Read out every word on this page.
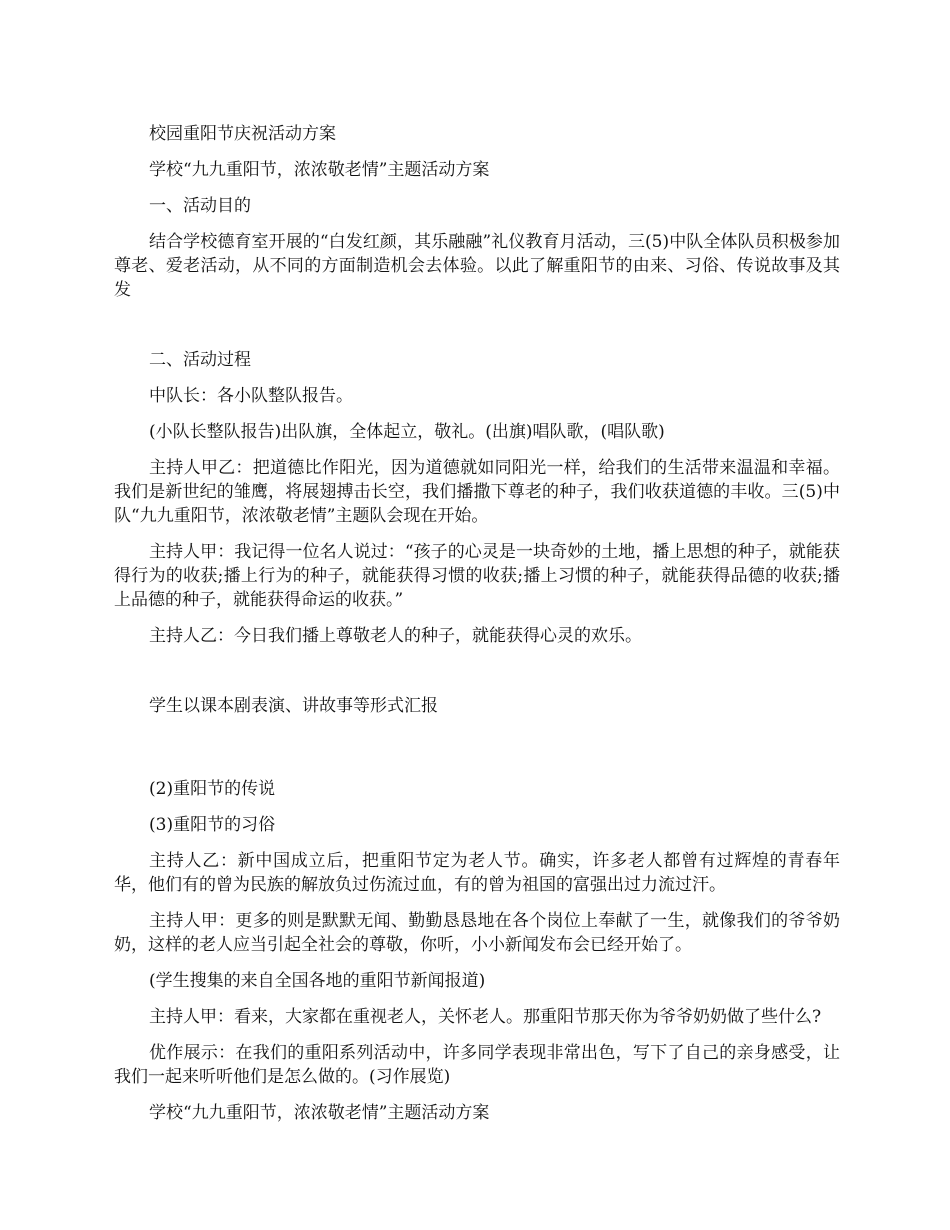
校园重阳节庆祝活动方案

学校“九九重阳节，浓浓敬老情”主题活动方案

一、活动目的

结合学校德育室开展的“白发红颜，其乐融融”礼仪教育月活动，三(5)中队全体队员积极参加尊老、爱老活动，从不同的方面制造机会去体验。以此了解重阳节的由来、习俗、传说故事及其发

二、活动过程

中队长：各小队整队报告。

(小队长整队报告)出队旗，全体起立，敬礼。(出旗)唱队歌，(唱队歌)

主持人甲乙：把道德比作阳光，因为道德就如同阳光一样，给我们的生活带来温温和幸福。我们是新世纪的雏鹰，将展翅搏击长空，我们播撒下尊老的种子，我们收获道德的丰收。三(5)中队“九九重阳节，浓浓敬老情”主题队会现在开始。

主持人甲：我记得一位名人说过：“孩子的心灵是一块奇妙的土地，播上思想的种子，就能获得行为的收获;播上行为的种子，就能获得习惯的收获;播上习惯的种子，就能获得品德的收获;播上品德的种子，就能获得命运的收获。”

主持人乙：今日我们播上尊敬老人的种子，就能获得心灵的欢乐。

学生以课本剧表演、讲故事等形式汇报

(2)重阳节的传说

(3)重阳节的习俗

主持人乙：新中国成立后，把重阳节定为老人节。确实，许多老人都曾有过辉煌的青春年华，他们有的曾为民族的解放负过伤流过血，有的曾为祖国的富强出过力流过汗。

主持人甲：更多的则是默默无闻、勤勤恳恳地在各个岗位上奉献了一生，就像我们的爷爷奶奶，这样的老人应当引起全社会的尊敬，你听，小小新闻发布会已经开始了。

(学生搜集的来自全国各地的重阳节新闻报道)

主持人甲：看来，大家都在重视老人，关怀老人。那重阳节那天你为爷爷奶奶做了些什么?

优作展示：在我们的重阳系列活动中，许多同学表现非常出色，写下了自己的亲身感受，让我们一起来听听他们是怎么做的。(习作展览)

学校“九九重阳节，浓浓敬老情”主题活动方案
